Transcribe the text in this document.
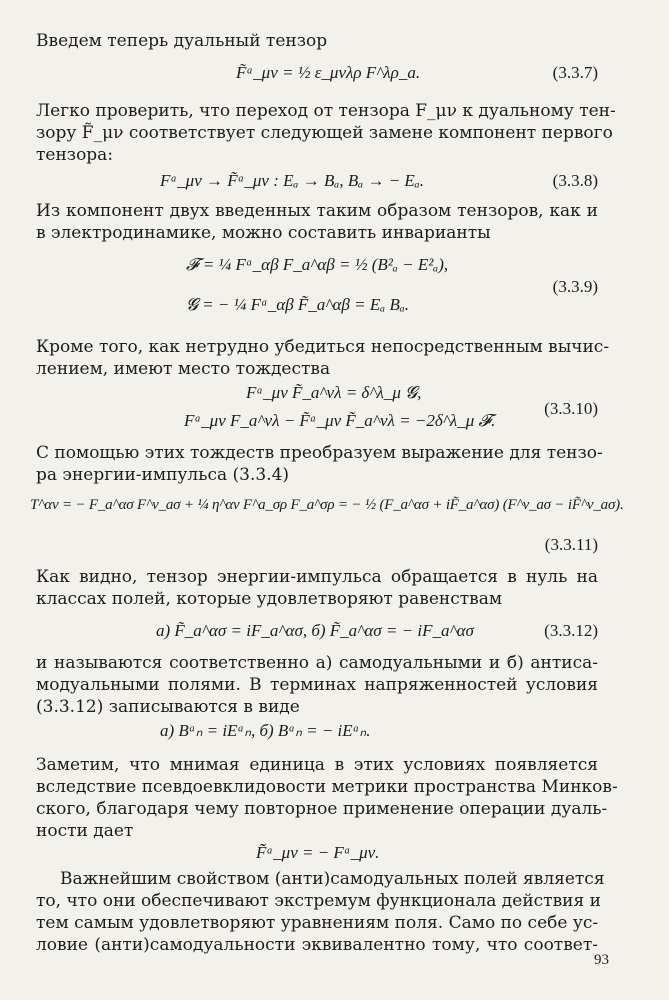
Введем теперь дуальный тензор
F̃ᵃ_μν = ½ ε_μνλρ F^λρ_a.	(3.3.7)
Легко проверить, что переход от тензора F_μν к дуальному тен-
зору F̃_μν соответствует следующей замене компонент первого
тензора:
Fᵃ_μν → F̃ᵃ_μν : Eₐ → Bₐ, Bₐ → − Eₐ.	(3.3.8)
Из компонент двух введенных таким образом тензоров, как и
в электродинамике, можно составить инварианты
𝓕 = ¼ Fᵃ_αβ F_a^αβ = ½ (B²ₐ − E²ₐ),
𝓖 = − ¼ Fᵃ_αβ F̃_a^αβ = Eₐ Bₐ.
(3.3.9)
Кроме того, как нетрудно убедиться непосредственным вычис-
лением, имеют место тождества
Fᵃ_μν F̃_a^νλ = δ^λ_μ 𝓖,
Fᵃ_μν F_a^νλ − F̃ᵃ_μν F̃_a^νλ = −2δ^λ_μ 𝓕.
(3.3.10)
С помощью этих тождеств преобразуем выражение для тензо-
ра энергии-импульса (3.3.4)
T^αν = − F_a^ασ F^ν_aσ + ¼ η^αν F^a_σρ F_a^σρ = − ½ (F_a^ασ + iF̃_a^ασ) (F^ν_aσ − iF̃^ν_aσ).
(3.3.11)
Как видно, тензор энергии-импульса обращается в нуль на
классах полей, которые удовлетворяют равенствам
а) F̃_a^ασ = iF_a^ασ, б) F̃_a^ασ = − iF_a^ασ	(3.3.12)
и называются соответственно а) самодуальными и б) антиса-
модуальными полями. В терминах напряженностей условия
(3.3.12) записываются в виде
а) Bᵃₙ = iEᵃₙ, б) Bᵃₙ = − iEᵃₙ.
Заметим, что мнимая единица в этих условиях появляется
вследствие псевдоевклидовости метрики пространства Минков-
ского, благодаря чему повторное применение операции дуаль-
ности дает
F̃̃ᵃ_μν = − Fᵃ_μν.
Важнейшим свойством (анти)самодуальных полей является
то, что они обеспечивают экстремум функционала действия и
тем самым удовлетворяют уравнениям поля. Само по себе ус-
ловие (анти)самодуальности эквивалентно тому, что соответ-
93
